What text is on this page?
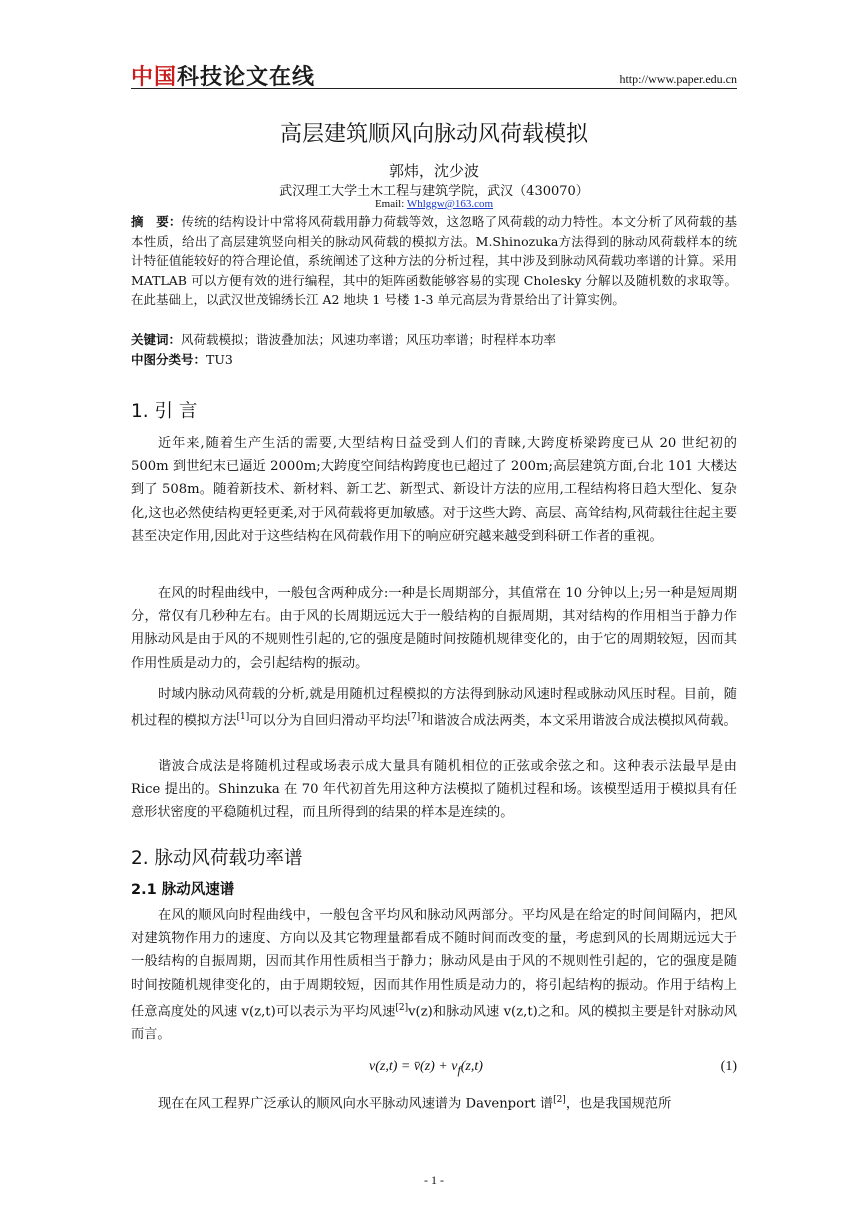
中国科技论文在线	http://www.paper.edu.cn
高层建筑顺风向脉动风荷载模拟
郭炜，沈少波
武汉理工大学土木工程与建筑学院，武汉（430070）
Email: Whlggw@163.com
摘　要：传统的结构设计中常将风荷载用静力荷载等效，这忽略了风荷载的动力特性。本文分析了风荷载的基本性质，给出了高层建筑竖向相关的脉动风荷载的模拟方法。M.Shinozuka方法得到的脉动风荷载样本的统计特征值能较好的符合理论值，系统阐述了这种方法的分析过程，其中涉及到脉动风荷载功率谱的计算。采用 MATLAB 可以方便有效的进行编程，其中的矩阵函数能够容易的实现 Cholesky 分解以及随机数的求取等。在此基础上，以武汉世茂锦绣长江 A2 地块 1 号楼 1-3 单元高层为背景给出了计算实例。
关键词：风荷载模拟；谐波叠加法；风速功率谱；风压功率谱；时程样本功率
中图分类号：TU3
1. 引 言
近年来,随着生产生活的需要,大型结构日益受到人们的青睐,大跨度桥梁跨度已从 20 世纪初的 500m 到世纪末已逼近 2000m;大跨度空间结构跨度也已超过了 200m;高层建筑方面,台北 101 大楼达到了 508m。随着新技术、新材料、新工艺、新型式、新设计方法的应用,工程结构将日趋大型化、复杂化,这也必然使结构更轻更柔,对于风荷载将更加敏感。对于这些大跨、高层、高耸结构,风荷载往往起主要甚至决定作用,因此对于这些结构在风荷载作用下的响应研究越来越受到科研工作者的重视。
在风的时程曲线中，一般包含两种成分:一种是长周期部分，其值常在 10 分钟以上;另一种是短周期分，常仅有几秒种左右。由于风的长周期远远大于一般结构的自振周期，其对结构的作用相当于静力作用脉动风是由于风的不规则性引起的,它的强度是随时间按随机规律变化的，由于它的周期较短，因而其作用性质是动力的，会引起结构的振动。
时域内脉动风荷载的分析,就是用随机过程模拟的方法得到脉动风速时程或脉动风压时程。目前，随机过程的模拟方法[1]可以分为自回归滑动平均法[7]和谐波合成法两类，本文采用谐波合成法模拟风荷载。
谐波合成法是将随机过程或场表示成大量具有随机相位的正弦或余弦之和。这种表示法最早是由 Rice 提出的。Shinzuka 在 70 年代初首先用这种方法模拟了随机过程和场。该模型适用于模拟具有任意形状密度的平稳随机过程，而且所得到的结果的样本是连续的。
2. 脉动风荷载功率谱
2.1 脉动风速谱
在风的顺风向时程曲线中，一般包含平均风和脉动风两部分。平均风是在给定的时间间隔内，把风对建筑物作用力的速度、方向以及其它物理量都看成不随时间而改变的量，考虑到风的长周期远远大于一般结构的自振周期，因而其作用性质相当于静力；脉动风是由于风的不规则性引起的，它的强度是随时间按随机规律变化的，由于周期较短，因而其作用性质是动力的，将引起结构的振动。作用于结构上任意高度处的风速 v(z,t)可以表示为平均风速[2]v(z)和脉动风速 v(z,t)之和。风的模拟主要是针对脉动风而言。
v(z,t) = v̄(z) + $v_f(z,t)$	(1)
现在在风工程界广泛承认的顺风向水平脉动风速谱为 Davenport 谱[2]，也是我国规范所
- 1 -
